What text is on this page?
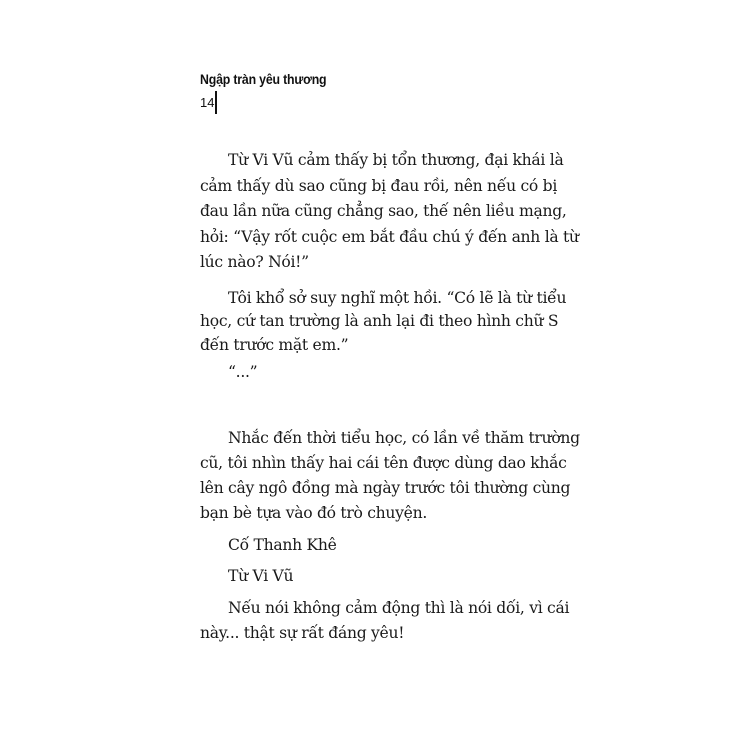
Ngập tràn yêu thương
14
Từ Vi Vũ cảm thấy bị tổn thương, đại khái là
cảm thấy dù sao cũng bị đau rồi, nên nếu có bị
đau lần nữa cũng chẳng sao, thế nên liều mạng,
hỏi: “Vậy rốt cuộc em bắt đầu chú ý đến anh là từ
lúc nào? Nói!”
Tôi khổ sở suy nghĩ một hồi. “Có lẽ là từ tiểu
học, cứ tan trường là anh lại đi theo hình chữ S
đến trước mặt em.”
“...”
Nhắc đến thời tiểu học, có lần về thăm trường
cũ, tôi nhìn thấy hai cái tên được dùng dao khắc
lên cây ngô đồng mà ngày trước tôi thường cùng
bạn bè tựa vào đó trò chuyện.
Cố Thanh Khê
Từ Vi Vũ
Nếu nói không cảm động thì là nói dối, vì cái
này... thật sự rất đáng yêu!
